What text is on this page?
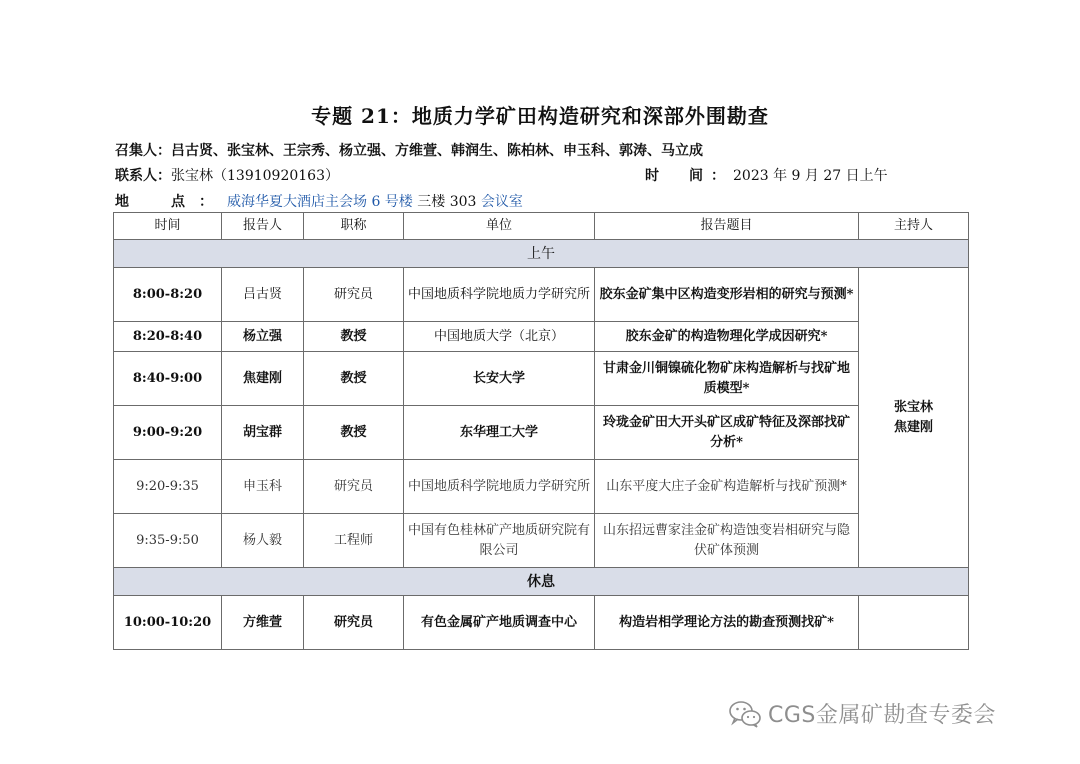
专题 21：地质力学矿田构造研究和深部外围勘查
召集人：吕古贤、张宝林、王宗秀、杨立强、方维萱、韩润生、陈柏林、申玉科、郭涛、马立成
联系人：张宝林（13910920163）	时　间：2023 年 9 月 27 日上午
地　点：威海华夏大酒店主会场 6 号楼 三楼 303 会议室
时间	报告人	职称	单位	报告题目	主持人
上午					
8:00-8:20	吕古贤	研究员	中国地质科学院地质力学研究所	胶东金矿集中区构造变形岩相的研究与预测*	张宝林
焦建刚
8:20-8:40	杨立强	教授	中国地质大学（北京）	胶东金矿的构造物理化学成因研究*	
8:40-9:00	焦建刚	教授	长安大学	甘肃金川铜镍硫化物矿床构造解析与找矿地质模型*	
9:00-9:20	胡宝群	教授	东华理工大学	玲珑金矿田大开头矿区成矿特征及深部找矿分析*	
9:20-9:35	申玉科	研究员	中国地质科学院地质力学研究所	山东平度大庄子金矿构造解析与找矿预测*	
9:35-9:50	杨人毅	工程师	中国有色桂林矿产地质研究院有限公司	山东招远曹家洼金矿构造蚀变岩相研究与隐伏矿体预测	
休息					
10:00-10:20	方维萱	研究员	有色金属矿产地质调查中心	构造岩相学理论方法的勘查预测找矿*	
CGS金属矿勘查专委会
